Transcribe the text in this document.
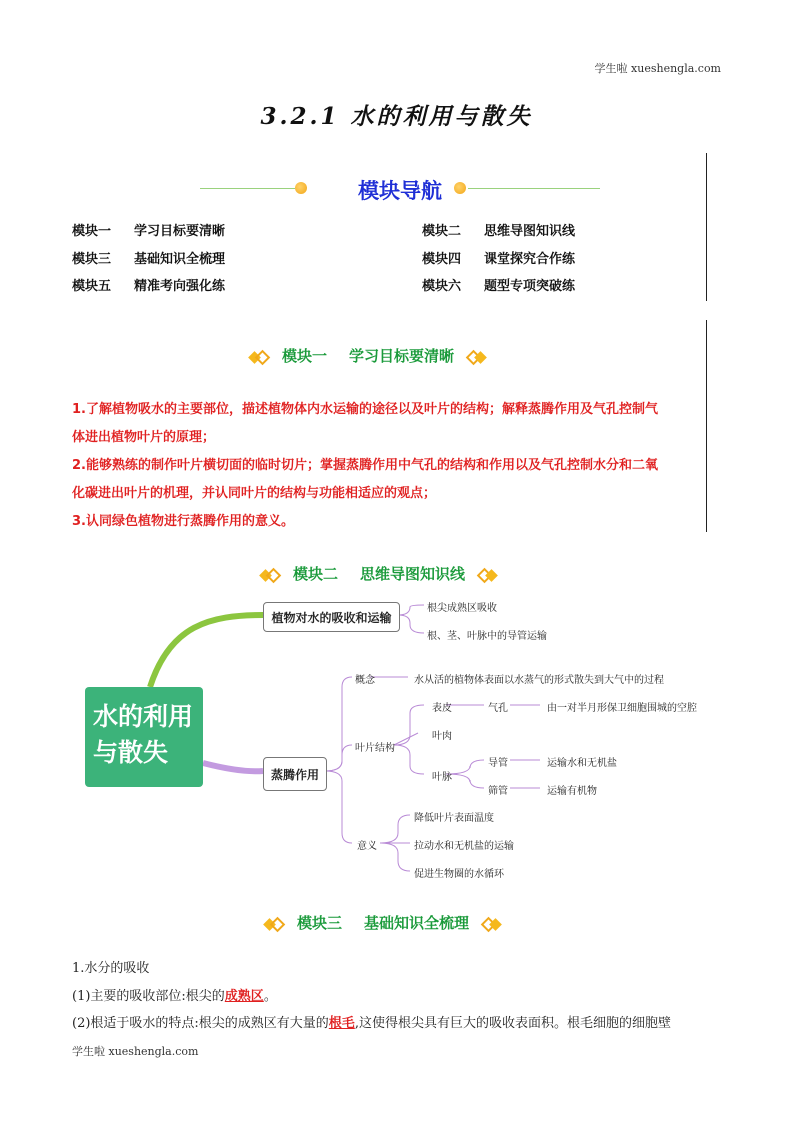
学生啦 xueshengla.com
3.2.1 水的利用与散失
模块导航
模块一 学习目标要清晰	模块二 思维导图知识线
模块三 基础知识全梳理	模块四 课堂探究合作练
模块五 精准考向强化练	模块六 题型专项突破练
模块一 学习目标要清晰

1.了解植物吸水的主要部位，描述植物体内水运输的途径以及叶片的结构；解释蒸腾作用及气孔控制气

体进出植物叶片的原理；

2.能够熟练的制作叶片横切面的临时切片；掌握蒸腾作用中气孔的结构和作用以及气孔控制水分和二氧

化碳进出叶片的机理，并认同叶片的结构与功能相适应的观点；

3.认同绿色植物进行蒸腾作用的意义。

模块二 思维导图知识线
水的利用与散失
植物对水的吸收和运输
根尖成熟区吸收
根、茎、叶脉中的导管运输
蒸腾作用
概念	水从活的植物体表面以水蒸气的形式散失到大气中的过程
叶片结构
表皮	气孔	由一对半月形保卫细胞围城的空腔
叶肉
叶脉
导管	运输水和无机盐
筛管	运输有机物
意义
降低叶片表面温度
拉动水和无机盐的运输
促进生物圈的水循环
模块三 基础知识全梳理
1.水分的吸收
(1)主要的吸收部位:根尖的成熟区。
(2)根适于吸水的特点:根尖的成熟区有大量的根毛,这使得根尖具有巨大的吸收表面积。根毛细胞的细胞壁
学生啦 xueshengla.com
